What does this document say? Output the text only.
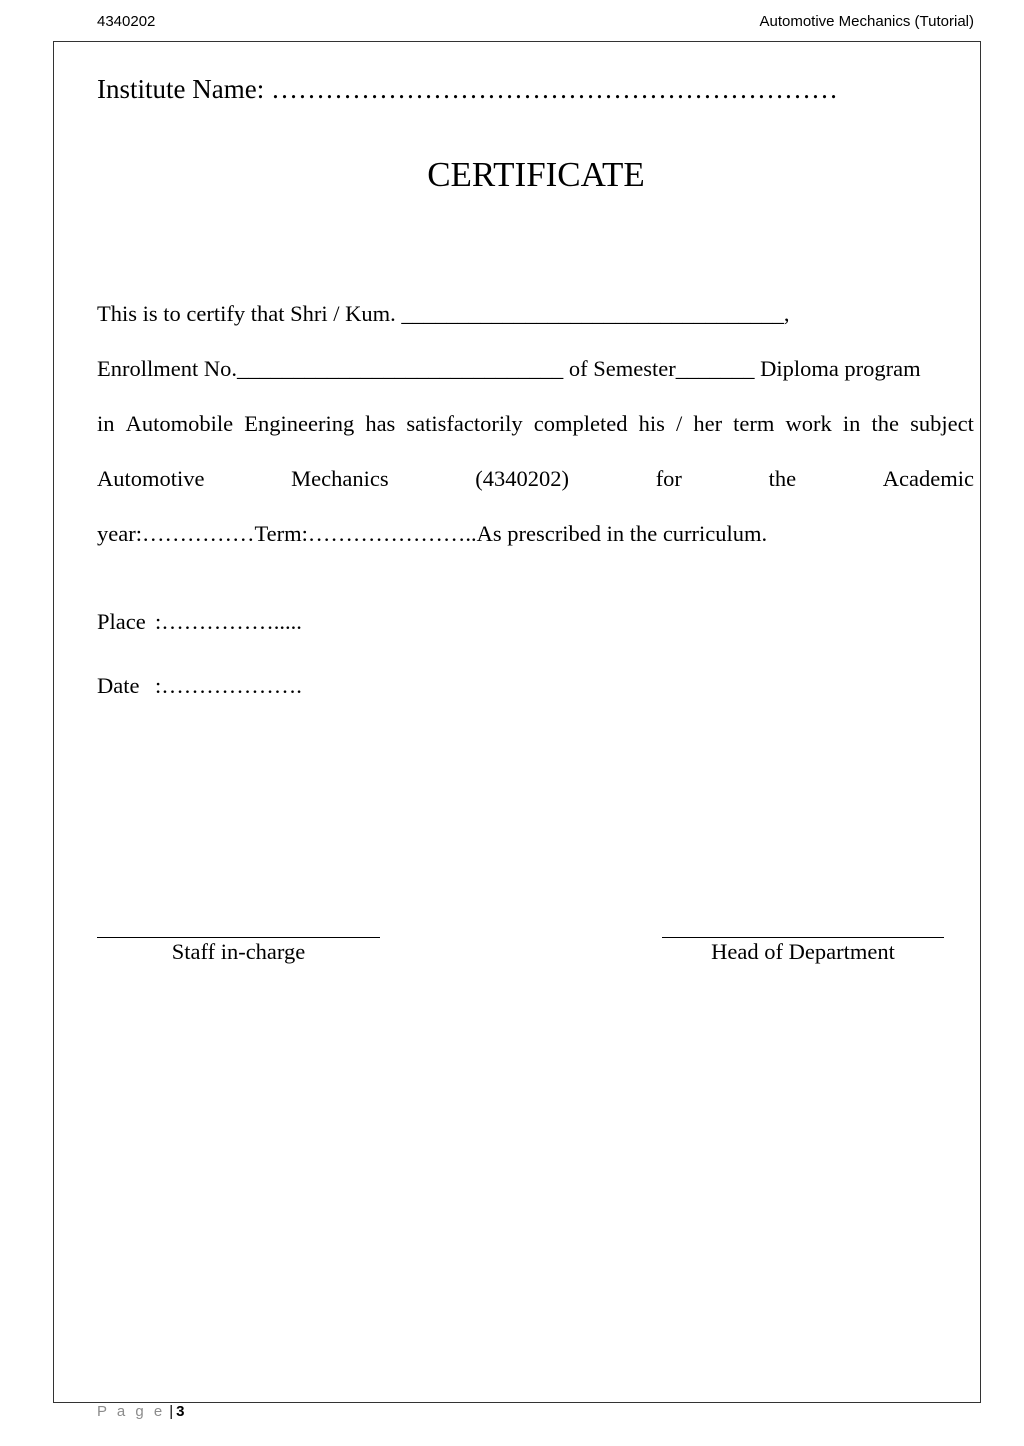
4340202	Automotive Mechanics (Tutorial)
Institute Name: ………………………………………………………
CERTIFICATE
This is to certify that Shri / Kum. __________________________________,
Enrollment No._____________________________ of Semester_______ Diploma program
in Automobile Engineering has satisfactorily completed his / her term work in the subject
Automotive	Mechanics	(4340202)	for	the	Academic
year:……………Term:…………………..As prescribed in the curriculum.
Place :…………….....
Date :……………….
Staff in-charge	Head of Department
P a g e | 3
